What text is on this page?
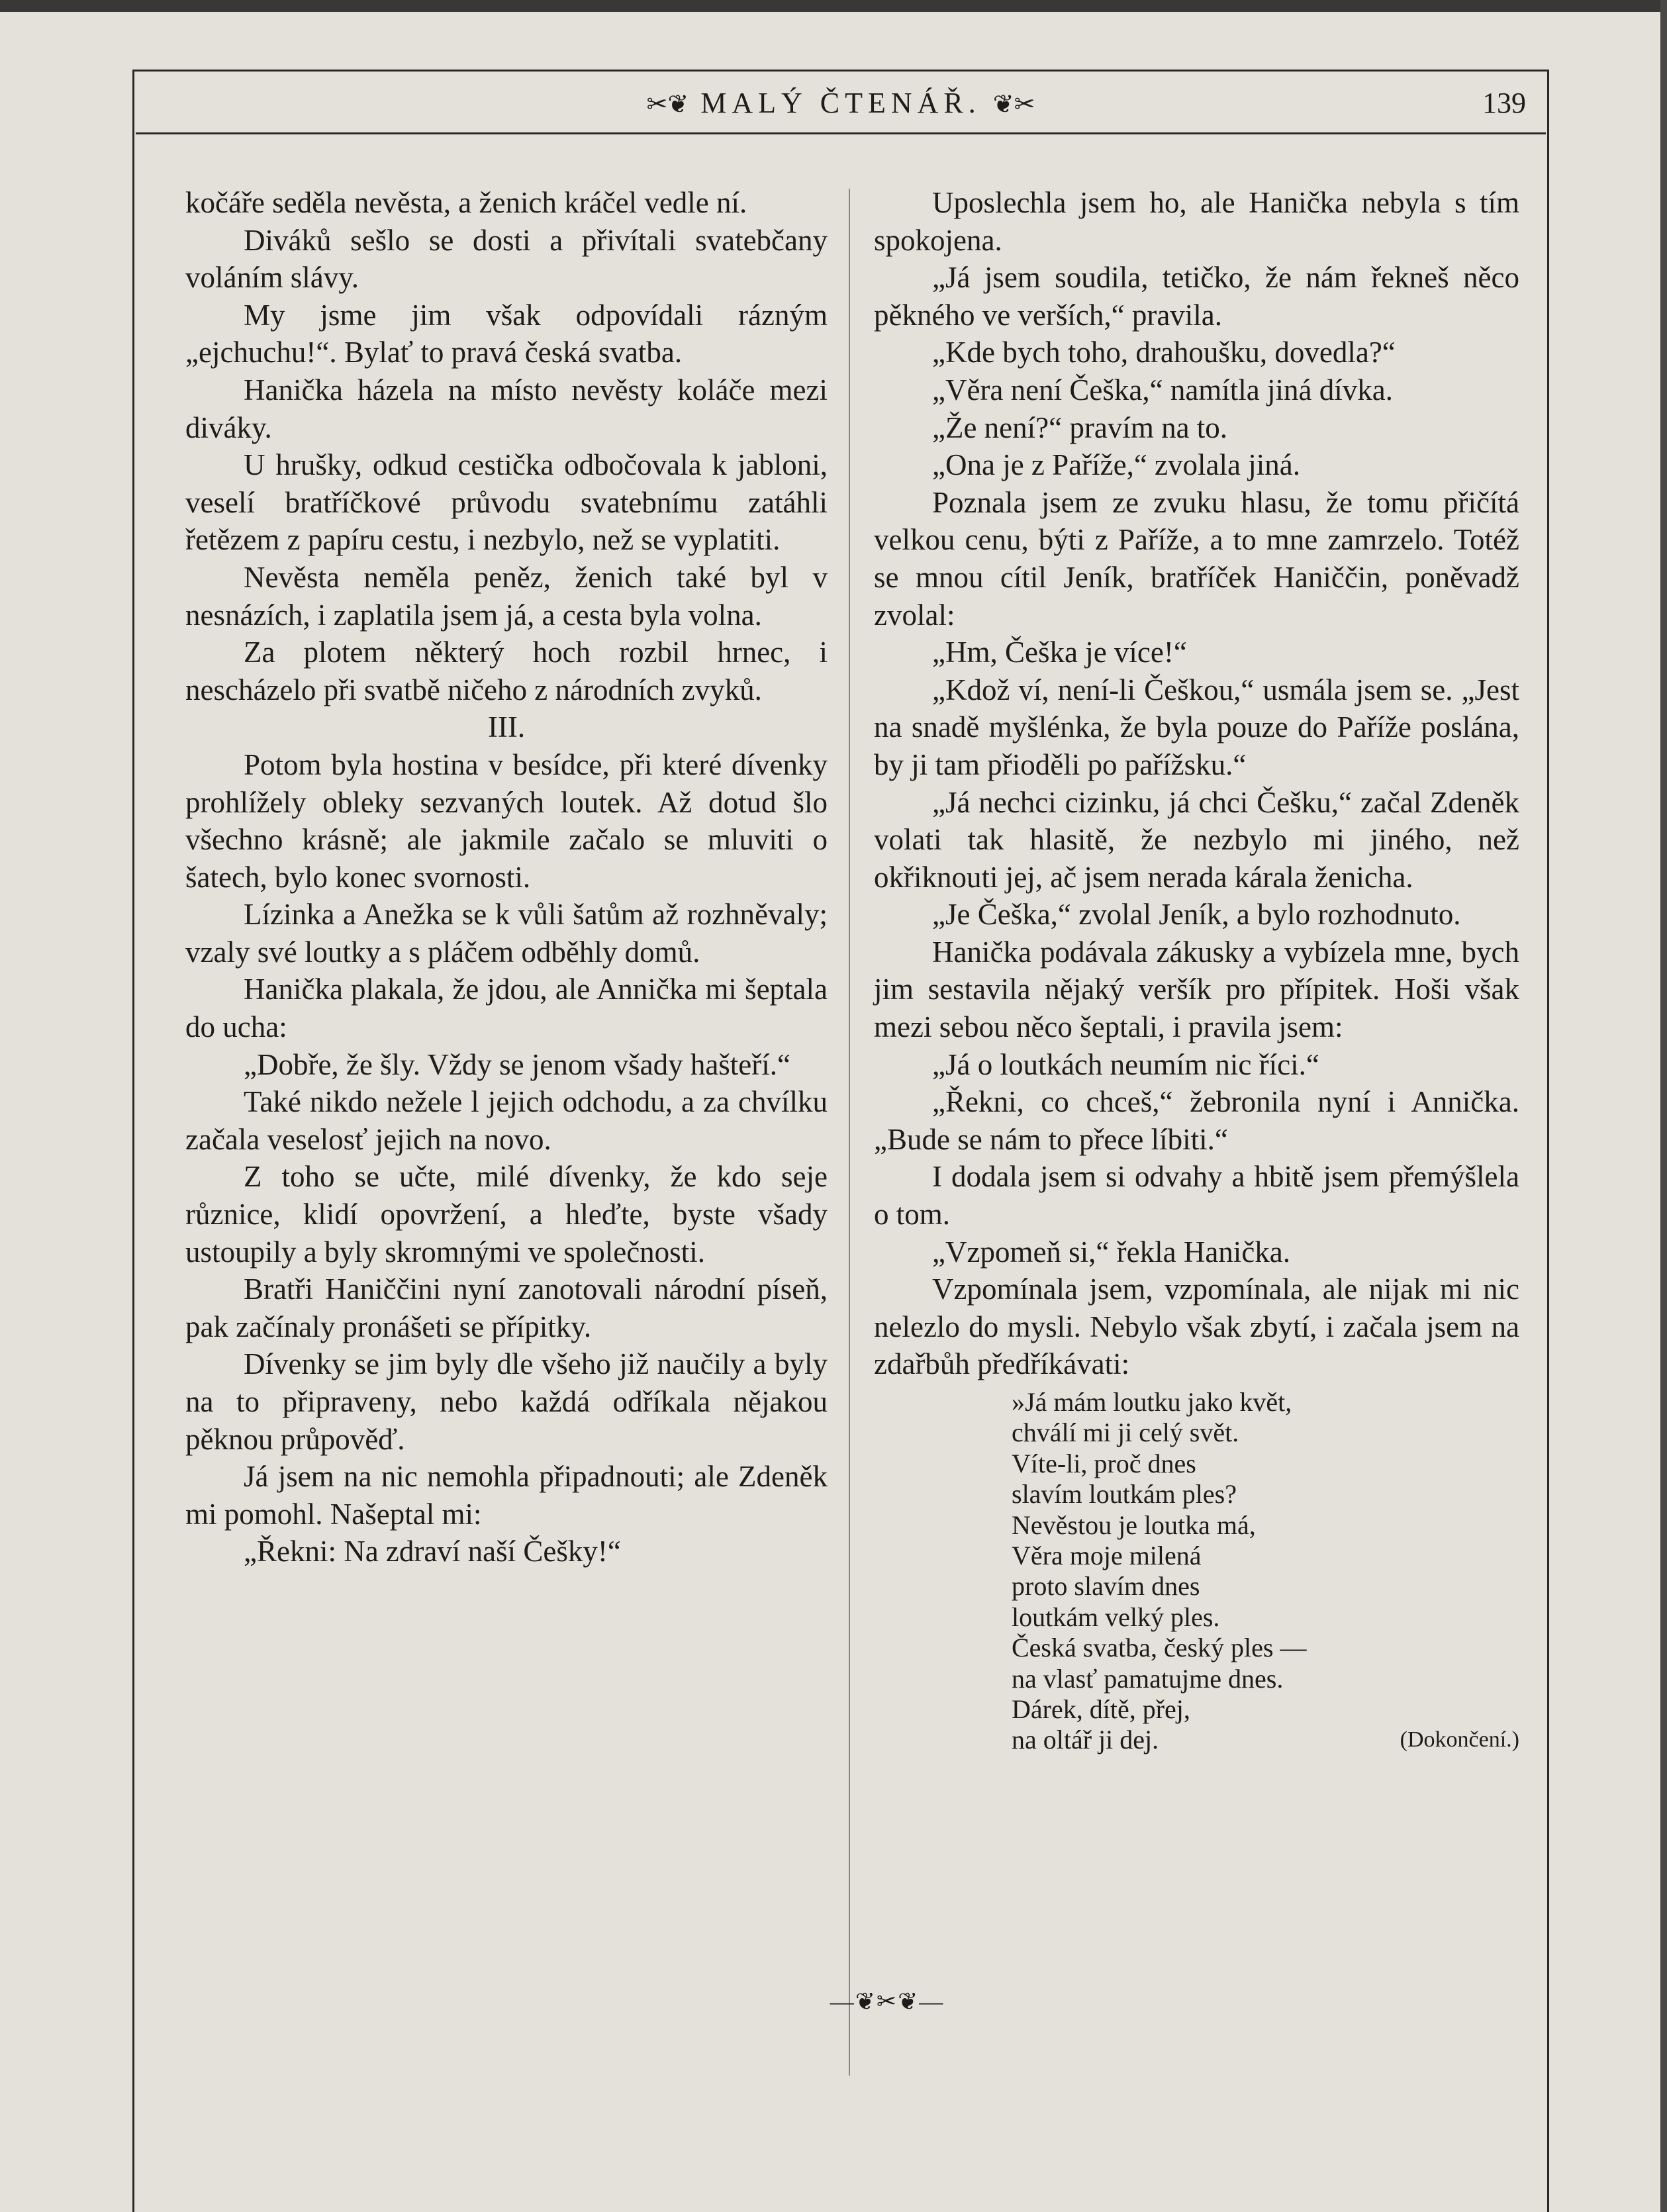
✂❦ MALÝ ČTENÁŘ. ❦✂	139

kočáře seděla nevěsta, a ženich kráčel vedle ní.

Diváků sešlo se dosti a přivítali svatebčany voláním slávy.

My jsme jim však odpovídali rázným „ejchuchu!“. Bylať to pravá česká svatba.

Hanička házela na místo nevěsty koláče mezi diváky.

U hrušky, odkud cestička odbočovala k jabloni, veselí bratříčkové průvodu svatebnímu zatáhli řetězem z papíru cestu, i nezbylo, než se vyplatiti.

Nevěsta neměla peněz, ženich také byl v nesnázích, i zaplatila jsem já, a cesta byla volna.

Za plotem některý hoch rozbil hrnec, i nescházelo při svatbě ničeho z národních zvyků.

III.

Potom byla hostina v besídce, při které dívenky prohlížely obleky sezvaných loutek. Až dotud šlo všechno krásně; ale jakmile začalo se mluviti o šatech, bylo konec svornosti.

Lízinka a Anežka se k vůli šatům až rozhněvaly; vzaly své loutky a s pláčem odběhly domů.

Hanička plakala, že jdou, ale Annička mi šeptala do ucha:

„Dobře, že šly. Vždy se jenom všady hašteří.“

Také nikdo nežele l jejich odchodu, a za chvílku začala veselosť jejich na novo.

Z toho se učte, milé dívenky, že kdo seje různice, klidí opovržení, a hleďte, byste všady ustoupily a byly skromnými ve společnosti.

Bratři Haniččini nyní zanotovali národní píseň, pak začínaly pronášeti se přípitky.

Dívenky se jim byly dle všeho již naučily a byly na to připraveny, nebo každá odříkala nějakou pěknou průpověď.

Já jsem na nic nemohla připadnouti; ale Zdeněk mi pomohl. Našeptal mi:

„Řekni: Na zdraví naší Češky!“

Uposlechla jsem ho, ale Hanička nebyla s tím spokojena.

„Já jsem soudila, tetičko, že nám řekneš něco pěkného ve verších,“ pravila.

„Kde bych toho, drahoušku, dovedla?“

„Věra není Češka,“ namítla jiná dívka.

„Že není?“ pravím na to.

„Ona je z Paříže,“ zvolala jiná.

Poznala jsem ze zvuku hlasu, že tomu přičítá velkou cenu, býti z Paříže, a to mne zamrzelo. Totéž se mnou cítil Jeník, bratříček Haniččin, poněvadž zvolal:

„Hm, Češka je více!“

„Kdož ví, není-li Češkou,“ usmála jsem se. „Jest na snadě myšlénka, že byla pouze do Paříže poslána, by ji tam přioděli po pařížsku.“

„Já nechci cizinku, já chci Češku,“ začal Zdeněk volati tak hlasitě, že nezbylo mi jiného, než okřiknouti jej, ač jsem nerada kárala ženicha.

„Je Češka,“ zvolal Jeník, a bylo rozhodnuto.

Hanička podávala zákusky a vybízela mne, bych jim sestavila nějaký veršík pro přípitek. Hoši však mezi sebou něco šeptali, i pravila jsem:

„Já o loutkách neumím nic říci.“

„Řekni, co chceš,“ žebronila nyní i Annička. „Bude se nám to přece líbiti.“

I dodala jsem si odvahy a hbitě jsem přemýšlela o tom.

„Vzpomeň si,“ řekla Hanička.

Vzpomínala jsem, vzpomínala, ale nijak mi nic nelezlo do mysli. Nebylo však zbytí, i začala jsem na zdařbůh předříkávati:

»Já mám loutku jako květ,
chválí mi ji celý svět.
Víte-li, proč dnes
slavím loutkám ples?
Nevěstou je loutka má,
Věra moje milená
proto slavím dnes
loutkám velký ples.
Česká svatba, český ples —
na vlasť pamatujme dnes.
Dárek, dítě, přej,
na oltář ji dej.	(Dokončení.)
—❦✂❦—
